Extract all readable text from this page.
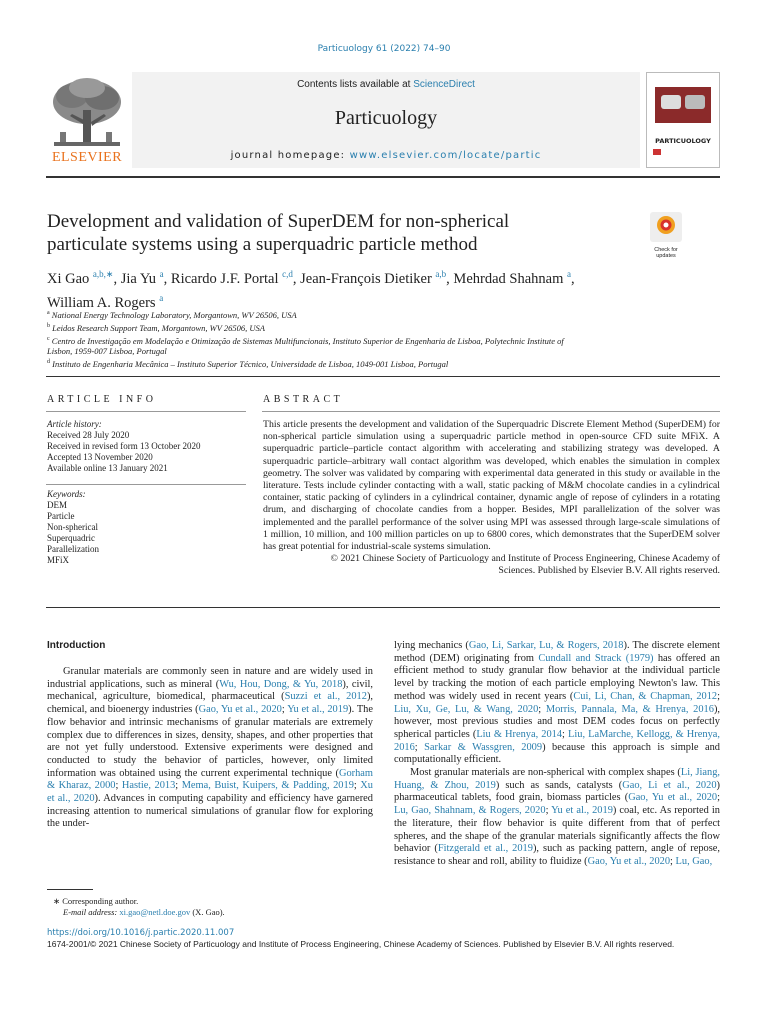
Particuology 61 (2022) 74–90
ELSEVIER
Contents lists available at ScienceDirect
Particuology
journal homepage: www.elsevier.com/locate/partic
PARTICUOLOGY
Development and validation of SuperDEM for non-spherical
particulate systems using a superquadric particle method	Check for updates
Xi Gao $^{a,b,∗}$, Jia Yu $^a$, Ricardo J.F. Portal $^{c,d}$, Jean-François Dietiker $^{a,b}$, Mehrdad Shahnam $^a$,
William A. Rogers $^a$

$^a$ National Energy Technology Laboratory, Morgantown, WV 26506, USA

$^b$ Leidos Research Support Team, Morgantown, WV 26506, USA

$^c$ Centro de Investigação em Modelação e Otimização de Sistemas Multifuncionais, Instituto Superior de Engenharia de Lisboa, Polytechnic Institute of

Lisbon, 1959-007 Lisboa, Portugal

$^d$ Instituto de Engenharia Mecânica – Instituto Superior Técnico, Universidade de Lisboa, 1049-001 Lisboa, Portugal

ARTICLE INFO
Article history:
Received 28 July 2020
Received in revised form 13 October 2020
Accepted 13 November 2020
Available online 13 January 2021
Keywords:
DEM
Particle
Non-spherical
Superquadric
Parallelization
MFiX
ABSTRACT

This article presents the development and validation of the Superquadric Discrete Element Method (SuperDEM) for non-spherical particle simulation using a superquadric particle method in open-source CFD suite MFiX. A superquadric particle–particle contact algorithm with accelerating and stabilizing strategy was developed. A superquadric particle–arbitrary wall contact algorithm was developed, which enables the simulation in complex geometry. The solver was validated by comparing with experimental data generated in this study or available in the literature. Tests include cylinder contacting with a wall, static packing of M&M chocolate candies in a cylindrical container, static packing of cylinders in a cylindrical container, dynamic angle of repose of cylinders in a rotating drum, and discharging of chocolate candies from a hopper. Besides, MPI parallelization of the solver was implemented and the parallel performance of the solver using MPI was assessed through large-scale simulations of 1 million, 10 million, and 100 million particles on up to 6800 cores, which demonstrates that the SuperDEM solver has great potential for industrial-scale systems simulation.

© 2021 Chinese Society of Particuology and Institute of Process Engineering, Chinese Academy of

Sciences. Published by Elsevier B.V. All rights reserved.

Introduction

Granular materials are commonly seen in nature and are widely used in industrial applications, such as mineral (Wu, Hou, Dong, & Yu, 2018), civil, mechanical, agriculture, biomedical, pharmaceutical (Suzzi et al., 2012), chemical, and bioenergy industries (Gao, Yu et al., 2020; Yu et al., 2019). The flow behavior and intrinsic mechanisms of granular materials are extremely complex due to differences in sizes, density, shapes, and other properties that are not yet fully understood. Extensive experiments were designed and conducted to study the behavior of particles, however, only limited information was obtained using the current experimental technique (Gorham & Kharaz, 2000; Hastie, 2013; Mema, Buist, Kuipers, & Padding, 2019; Xu et al., 2020). Advances in computing capability and efficiency have garnered increasing attention to numerical simulations of granular flow for exploring the under-

lying mechanics (Gao, Li, Sarkar, Lu, & Rogers, 2018). The discrete element method (DEM) originating from Cundall and Strack (1979) has offered an efficient method to study granular flow behavior at the individual particle level by tracking the motion of each particle employing Newton's law. This method was widely used in recent years (Cui, Li, Chan, & Chapman, 2012; Liu, Xu, Ge, Lu, & Wang, 2020; Morris, Pannala, Ma, & Hrenya, 2016), however, most previous studies and most DEM codes focus on perfectly spherical particles (Liu & Hrenya, 2014; Liu, LaMarche, Kellogg, & Hrenya, 2016; Sarkar & Wassgren, 2009) because this approach is simple and computationally efficient.

Most granular materials are non-spherical with complex shapes (Li, Jiang, Huang, & Zhou, 2019) such as sands, catalysts (Gao, Li et al., 2020) pharmaceutical tablets, food grain, biomass particles (Gao, Yu et al., 2020; Lu, Gao, Shahnam, & Rogers, 2020; Yu et al., 2019) coal, etc. As reported in the literature, their flow behavior is quite different from that of perfect spheres, and the shape of the granular materials significantly affects the flow behavior (Fitzgerald et al., 2019), such as packing pattern, angle of repose, resistance to shear and roll, ability to fluidize (Gao, Yu et al., 2020; Lu, Gao,

∗ Corresponding author.
E-mail address: xi.gao@netl.doe.gov (X. Gao).
https://doi.org/10.1016/j.partic.2020.11.007
1674-2001/© 2021 Chinese Society of Particuology and Institute of Process Engineering, Chinese Academy of Sciences. Published by Elsevier B.V. All rights reserved.
